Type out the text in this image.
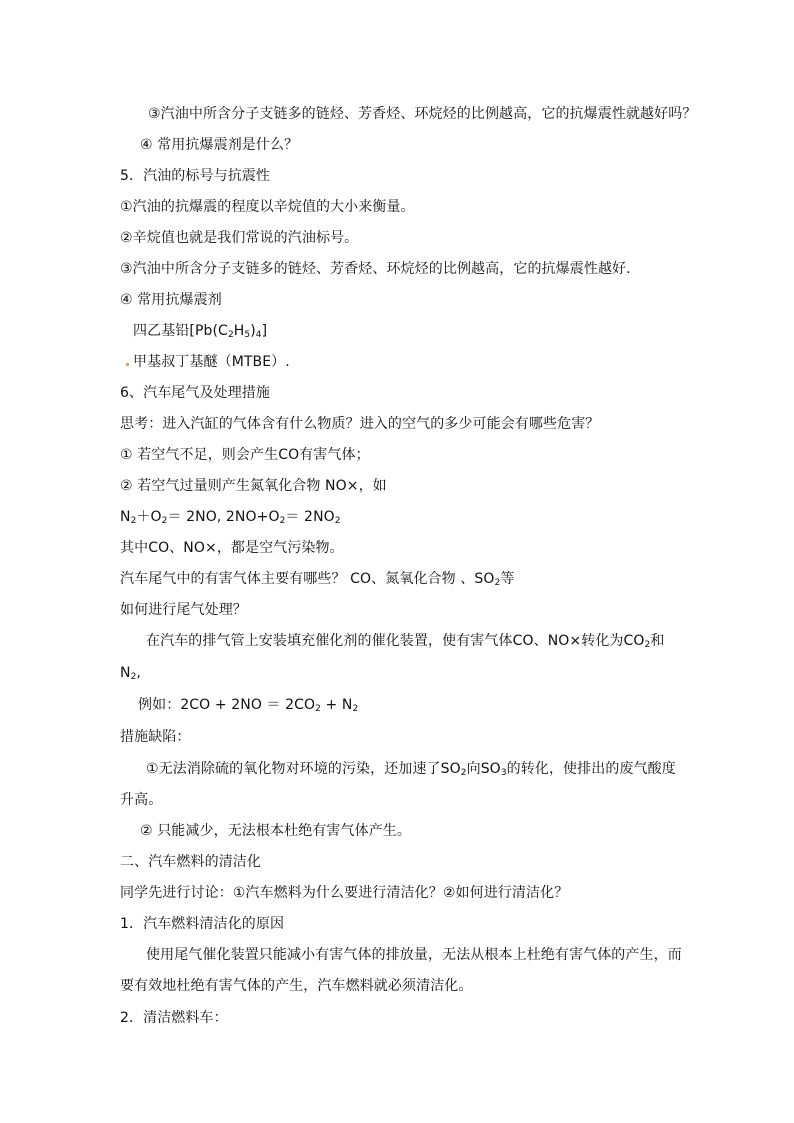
③汽油中所含分子支链多的链烃、芳香烃、环烷烃的比例越高，它的抗爆震性就越好吗？
④ 常用抗爆震剂是什么？
5．汽油的标号与抗震性
①汽油的抗爆震的程度以辛烷值的大小来衡量。
②辛烷值也就是我们常说的汽油标号。
③汽油中所含分子支链多的链烃、芳香烃、环烷烃的比例越高，它的抗爆震性越好.
④ 常用抗爆震剂
四乙基铅$[Pb(C_2H_5)_4]$
甲基叔丁基醚（MTBE）.
6、汽车尾气及处理措施
思考：进入汽缸的气体含有什么物质？进入的空气的多少可能会有哪些危害？
① 若空气不足，则会产生CO有害气体；
② 若空气过量则产生氮氧化合物 NO×，如
$N_2+O_2= 2NO$, $2NO+O_2= 2NO_2$
其中CO、NO×，都是空气污染物。
汽车尾气中的有害气体主要有哪些？ CO、氮氧化合物 、$SO_2$等
如何进行尾气处理？
在汽车的排气管上安装填充催化剂的催化装置，使有害气体CO、NO×转化为$CO_2$和
$N_2$,
例如：$2CO + 2NO = 2CO_2 + N_2$
措施缺陷：
①无法消除硫的氧化物对环境的污染，还加速了$SO_2$向$SO_3$的转化，使排出的废气酸度
升高。
② 只能减少，无法根本杜绝有害气体产生。
二、汽车燃料的清洁化
同学先进行讨论：①汽车燃料为什么要进行清洁化？②如何进行清洁化？
1．汽车燃料清洁化的原因
使用尾气催化装置只能减小有害气体的排放量，无法从根本上杜绝有害气体的产生，而
要有效地杜绝有害气体的产生，汽车燃料就必须清洁化。
2．清洁燃料车：
